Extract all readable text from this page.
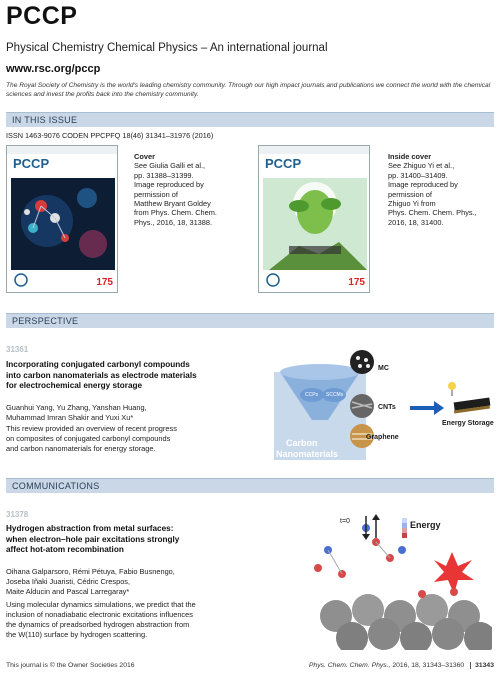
PCCP
Physical Chemistry Chemical Physics – An international journal
www.rsc.org/pccp
The Royal Society of Chemistry is the world's leading chemistry community. Through our high impact journals and publications we connect the world with the chemical sciences and invest the profits back into the chemistry community.
IN THIS ISSUE
ISSN 1463-9076 CODEN PPCPFQ 18(46) 31341–31976 (2016)
PCCP
175
Cover
See Giulia Galli et al.,
pp. 31388–31399.
Image reproduced by
permission of
Matthew Bryant Goldey
from Phys. Chem. Chem.
Phys., 2016, 18, 31388.
PCCP
175
Inside cover
See Zhiguo Yi et al.,
pp. 31400–31409.
Image reproduced by
permission of
Zhiguo Yi from
Phys. Chem. Chem. Phys.,
2016, 18, 31400.
PERSPECTIVE
31361
Incorporating conjugated carbonyl compounds
into carbon nanomaterials as electrode materials
for electrochemical energy storage
Guanhui Yang, Yu Zhang, Yanshan Huang,
Muhammad Imran Shakir and Yuxi Xu*
This review provided an overview of recent progress
on composites of conjugated carbonyl compounds
and carbon nanomaterials for energy storage.
MC
CNTs
Graphene
CCPs SCCMs
Carbon
Nanomaterials
Energy Storage
COMMUNICATIONS
31378
Hydrogen abstraction from metal surfaces:
when electron–hole pair excitations strongly
affect hot-atom recombination
Oihana Galparsoro, Rémi Pétuya, Fabio Busnengo,
Joseba Iñaki Juaristi, Cédric Crespos,
Maite Alducin and Pascal Larregaray*
Using molecular dynamics simulations, we predict that the
inclusion of nonadiabatic electronic excitations influences
the dynamics of preadsorbed hydrogen abstraction from
the W(110) surface by hydrogen scattering.
t=0	Energy
This journal is © the Owner Societies 2016	Phys. Chem. Chem. Phys., 2016, 18, 31343–31360 31343
